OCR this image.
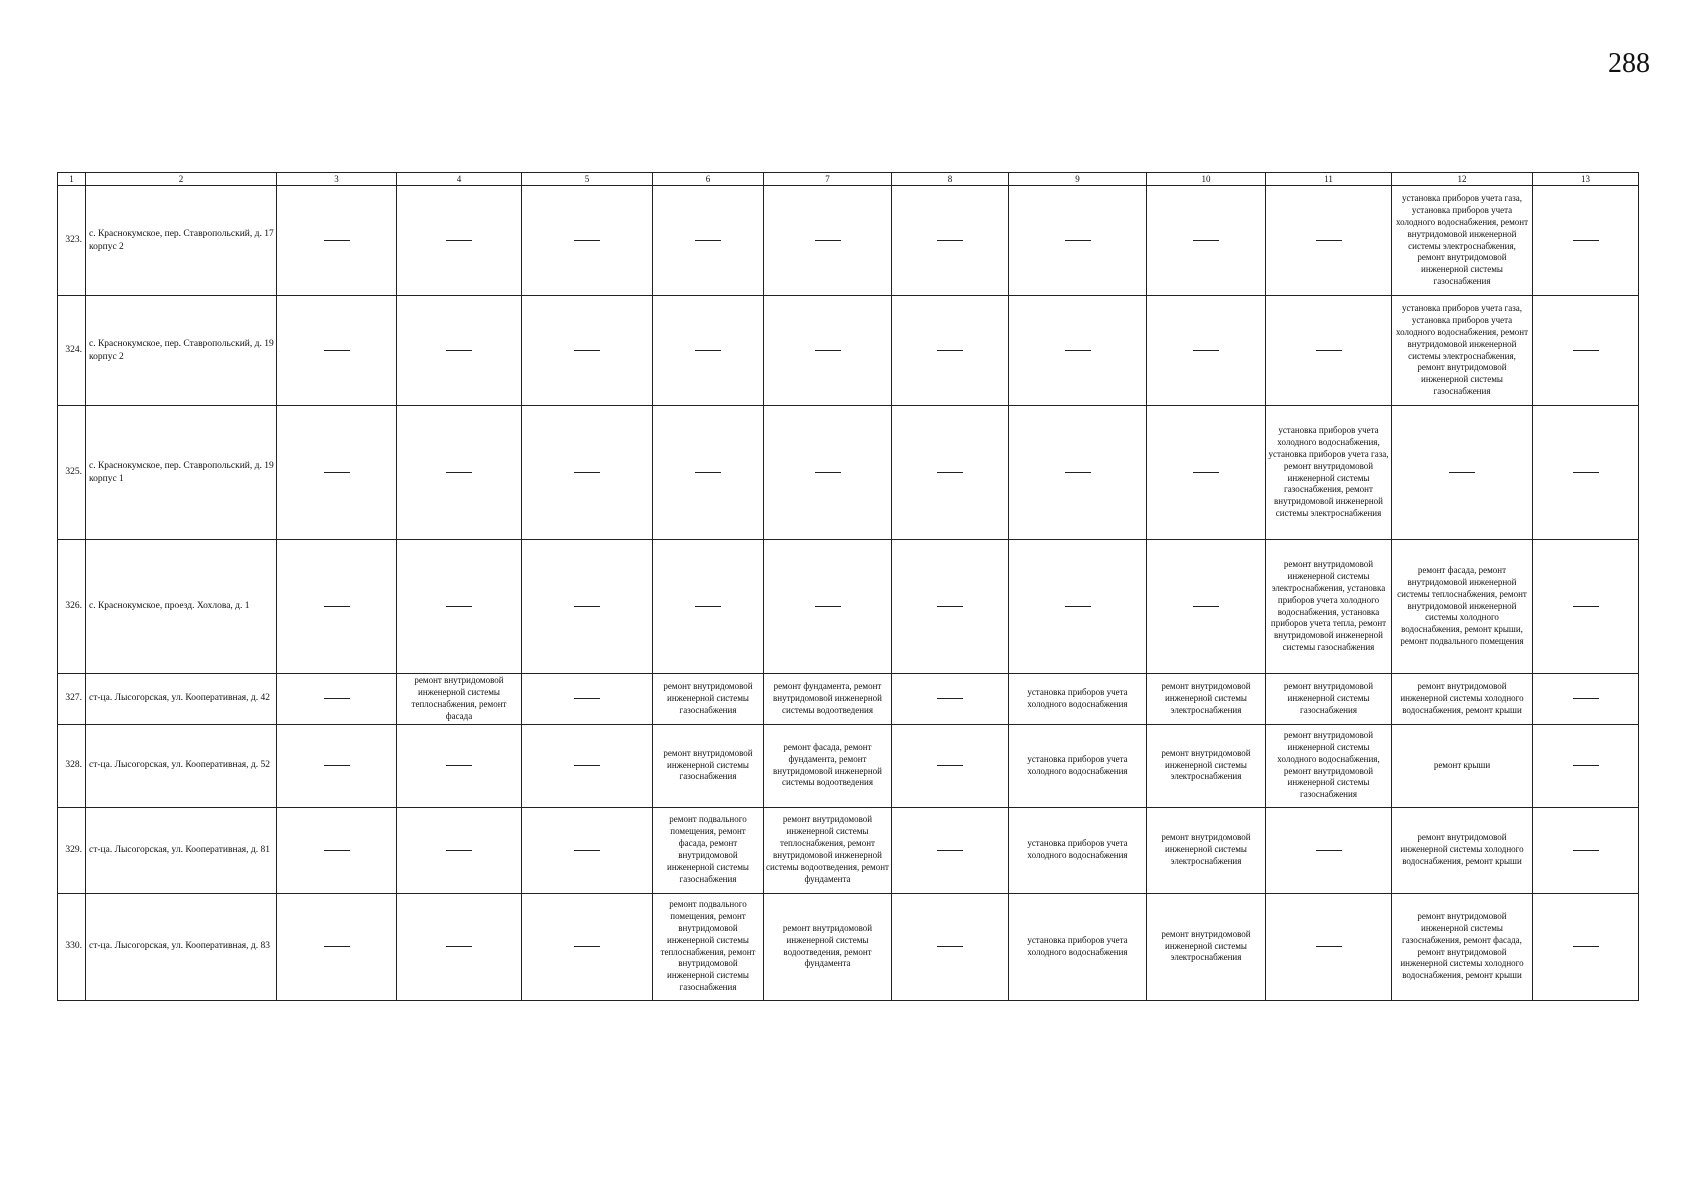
288
1	2	3	4	5	6	7	8	9	10	11	12	13
323.	с. Краснокумское, пер. Ставропольский, д. 17 корпус 2										установка приборов учета газа, установка приборов учета холодного водоснабжения, ремонт внутридомовой инженерной системы электроснабжения, ремонт внутридомовой инженерной системы газоснабжения	

324.	с. Краснокумское, пер. Ставропольский, д. 19 корпус 2										установка приборов учета газа, установка приборов учета холодного водоснабжения, ремонт внутридомовой инженерной системы электроснабжения, ремонт внутридомовой инженерной системы газоснабжения	

325.	с. Краснокумское, пер. Ставропольский, д. 19 корпус 1									установка приборов учета холодного водоснабжения, установка приборов учета газа, ремонт внутридомовой инженерной системы газоснабжения, ремонт внутридомовой инженерной системы электроснабжения		

326.	с. Краснокумское, проезд. Хохлова, д. 1									ремонт внутридомовой инженерной системы электроснабжения, установка приборов учета холодного водоснабжения, установка приборов учета тепла, ремонт внутридомовой инженерной системы газоснабжения	ремонт фасада, ремонт внутридомовой инженерной системы теплоснабжения, ремонт внутридомовой инженерной системы холодного водоснабжения, ремонт крыши, ремонт подвального помещения	

327.	ст-ца. Лысогорская, ул. Кооперативная, д. 42		ремонт внутридомовой инженерной системы теплоснабжения, ремонт фасада		ремонт внутридомовой инженерной системы газоснабжения	ремонт фундамента, ремонт внутридомовой инженерной системы водоотведения		установка приборов учета холодного водоснабжения	ремонт внутридомовой инженерной системы электроснабжения	ремонт внутридомовой инженерной системы газоснабжения	ремонт внутридомовой инженерной системы холодного водоснабжения, ремонт крыши	

328.	ст-ца. Лысогорская, ул. Кооперативная, д. 52				ремонт внутридомовой инженерной системы газоснабжения	ремонт фасада, ремонт фундамента, ремонт внутридомовой инженерной системы водоотведения		установка приборов учета холодного водоснабжения	ремонт внутридомовой инженерной системы электроснабжения	ремонт внутридомовой инженерной системы холодного водоснабжения, ремонт внутридомовой инженерной системы газоснабжения	ремонт крыши	

329.	ст-ца. Лысогорская, ул. Кооперативная, д. 81				ремонт подвального помещения, ремонт фасада, ремонт внутридомовой инженерной системы газоснабжения	ремонт внутридомовой инженерной системы теплоснабжения, ремонт внутридомовой инженерной системы водоотведения, ремонт фундамента		установка приборов учета холодного водоснабжения	ремонт внутридомовой инженерной системы электроснабжения		ремонт внутридомовой инженерной системы холодного водоснабжения, ремонт крыши	

330.	ст-ца. Лысогорская, ул. Кооперативная, д. 83				ремонт подвального помещения, ремонт внутридомовой инженерной системы теплоснабжения, ремонт внутридомовой инженерной системы газоснабжения	ремонт внутридомовой инженерной системы водоотведения, ремонт фундамента		установка приборов учета холодного водоснабжения	ремонт внутридомовой инженерной системы электроснабжения		ремонт внутридомовой инженерной системы газоснабжения, ремонт фасада, ремонт внутридомовой инженерной системы холодного водоснабжения, ремонт крыши	
